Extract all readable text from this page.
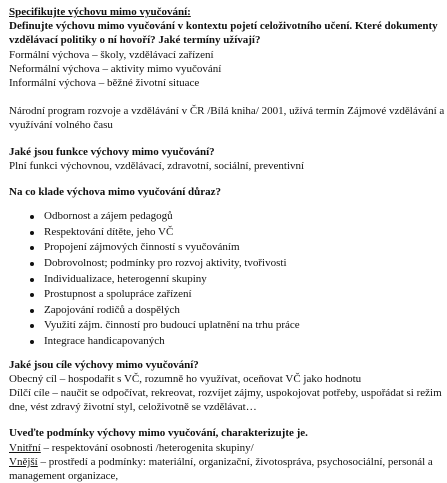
Specifikujte výchovu mimo vyučování:
Definujte výchovu mimo vyučování v kontextu pojetí celoživotního učení. Které dokumenty
vzdělávací politiky o ní hovoří? Jaké termíny užívají?
Formální výchova – školy, vzdělávací zařízení
Neformální výchova – aktivity mimo vyučování
Informální výchova – běžné životní situace
Národní program rozvoje a vzdělávání v ČR /Bílá kniha/ 2001, užívá termín Zájmové vzdělávání a
využívání volného času
Jaké jsou funkce výchovy mimo vyučování?
Plní funkci výchovnou, vzdělávací, zdravotní, sociální, preventivní
Na co klade výchova mimo vyučování důraz?
Odbornost a zájem pedagogů
Respektování dítěte, jeho VČ
Propojení zájmových činností s vyučováním
Dobrovolnost; podmínky pro rozvoj aktivity, tvořivosti
Individualizace, heterogenní skupiny
Prostupnost a spolupráce zařízení
Zapojování rodičů a dospělých
Využití zájm. činností pro budoucí uplatnění na trhu práce
Integrace handicapovaných
Jaké jsou cíle výchovy mimo vyučování?
Obecný cíl – hospodařit s VČ, rozumně ho využívat, oceňovat VČ jako hodnotu
Dílčí cíle – naučit se odpočívat, rekreovat, rozvíjet zájmy, uspokojovat potřeby, uspořádat si režim
dne, vést zdravý životní styl, celoživotně se vzdělávat…
Uveďte podmínky výchovy mimo vyučování, charakterizujte je.
Vnitřní – respektování osobnosti /heterogenita skupiny/
Vnější – prostředí a podmínky: materiální, organizační, životospráva, psychosociální, personál a
management organizace,
